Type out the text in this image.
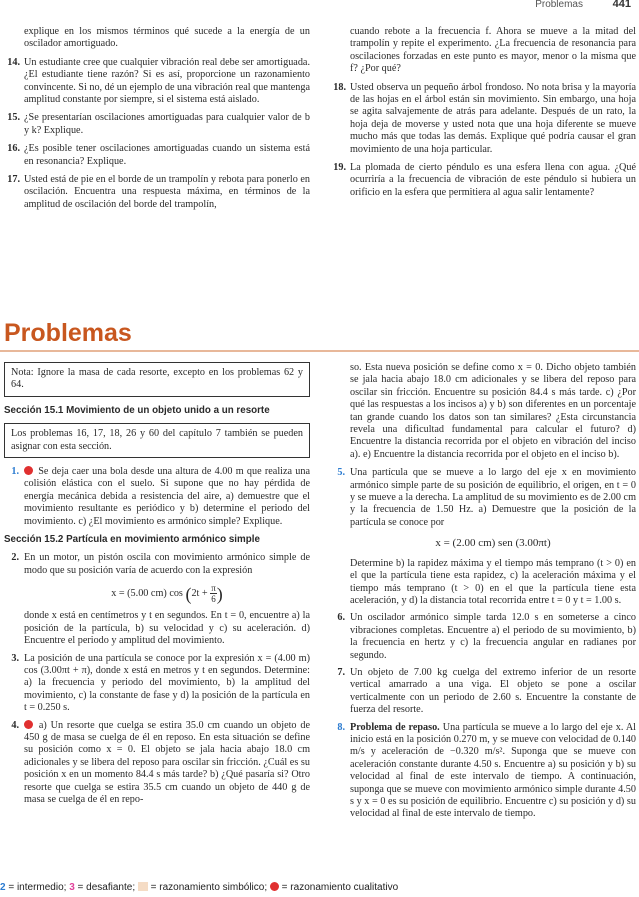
Problemas	441
explique en los mismos términos qué sucede a la energía de un oscilador amortiguado.
14. Un estudiante cree que cualquier vibración real debe ser amortiguada. ¿El estudiante tiene razón? Si es así, proporcione un razonamiento convincente. Si no, dé un ejemplo de una vibración real que mantenga amplitud constante por siempre, si el sistema está aislado.
15. ¿Se presentarían oscilaciones amortiguadas para cualquier valor de b y k? Explique.
16. ¿Es posible tener oscilaciones amortiguadas cuando un sistema está en resonancia? Explique.
17. Usted está de pie en el borde de un trampolín y rebota para ponerlo en oscilación. Encuentra una respuesta máxima, en términos de la amplitud de oscilación del borde del trampolín,
cuando rebote a la frecuencia f. Ahora se mueve a la mitad del trampolín y repite el experimento. ¿La frecuencia de resonancia para oscilaciones forzadas en este punto es mayor, menor o la misma que f? ¿Por qué?
18. Usted observa un pequeño árbol frondoso. No nota brisa y la mayoría de las hojas en el árbol están sin movimiento. Sin embargo, una hoja se agita salvajemente de atrás para adelante. Después de un rato, la hoja deja de moverse y usted nota que una hoja diferente se mueve mucho más que todas las demás. Explique qué podría causar el gran movimiento de una hoja particular.
19. La plomada de cierto péndulo es una esfera llena con agua. ¿Qué ocurriría a la frecuencia de vibración de este péndulo si hubiera un orificio en la esfera que permitiera al agua salir lentamente?
Problemas
Nota: Ignore la masa de cada resorte, excepto en los problemas 62 y 64.
Sección 15.1 Movimiento de un objeto unido a un resorte
Los problemas 16, 17, 18, 26 y 60 del capítulo 7 también se pueden asignar con esta sección.
1. Se deja caer una bola desde una altura de 4.00 m que realiza una colisión elástica con el suelo. Si supone que no hay pérdida de energía mecánica debida a resistencia del aire, a) demuestre que el movimiento resultante es periódico y b) determine el periodo del movimiento. c) ¿El movimiento es armónico simple? Explique.
Sección 15.2 Partícula en movimiento armónico simple
2. En un motor, un pistón oscila con movimiento armónico simple de modo que su posición varía de acuerdo con la expresión
x = (5.00 cm) $\cos (2t + \frac{\pi}{6}$ )
donde x está en centímetros y t en segundos. En t = 0, encuentre a) la posición de la partícula, b) su velocidad y c) su aceleración. d) Encuentre el periodo y amplitud del movimiento.
3. La posición de una partícula se conoce por la expresión x = (4.00 m) cos (3.00πt + π), donde x está en metros y t en segundos. Determine: a) la frecuencia y periodo del movimiento, b) la amplitud del movimiento, c) la constante de fase y d) la posición de la partícula en t = 0.250 s.
4. a) Un resorte que cuelga se estira 35.0 cm cuando un objeto de 450 g de masa se cuelga de él en reposo. En esta situación se define su posición como x = 0. El objeto se jala hacia abajo 18.0 cm adicionales y se libera del reposo para oscilar sin fricción. ¿Cuál es su posición x en un momento 84.4 s más tarde? b) ¿Qué pasaría si? Otro resorte que cuelga se estira 35.5 cm cuando un objeto de 440 g de masa se cuelga de él en repo-
so. Esta nueva posición se define como x = 0. Dicho objeto también se jala hacia abajo 18.0 cm adicionales y se libera del reposo para oscilar sin fricción. Encuentre su posición 84.4 s más tarde. c) ¿Por qué las respuestas a los incisos a) y b) son diferentes en un porcentaje tan grande cuando los datos son tan similares? ¿Esta circunstancia revela una dificultad fundamental para calcular el futuro? d) Encuentre la distancia recorrida por el objeto en vibración del inciso a). e) Encuentre la distancia recorrida por el objeto en el inciso b).
5. Una partícula que se mueve a lo largo del eje x en movimiento armónico simple parte de su posición de equilibrio, el origen, en t = 0 y se mueve a la derecha. La amplitud de su movimiento es de 2.00 cm y la frecuencia de 1.50 Hz. a) Demuestre que la posición de la partícula se conoce por
x = (2.00 cm) sen (3.00πt)
Determine b) la rapidez máxima y el tiempo más temprano (t > 0) en el que la partícula tiene esta rapidez, c) la aceleración máxima y el tiempo más temprano (t > 0) en el que la partícula tiene esta aceleración, y d) la distancia total recorrida entre t = 0 y t = 1.00 s.
6. Un oscilador armónico simple tarda 12.0 s en someterse a cinco vibraciones completas. Encuentre a) el periodo de su movimiento, b) la frecuencia en hertz y c) la frecuencia angular en radianes por segundo.
7. Un objeto de 7.00 kg cuelga del extremo inferior de un resorte vertical amarrado a una viga. El objeto se pone a oscilar verticalmente con un periodo de 2.60 s. Encuentre la constante de fuerza del resorte.
8. Problema de repaso. Una partícula se mueve a lo largo del eje x. Al inicio está en la posición 0.270 m, y se mueve con velocidad de 0.140 m/s y aceleración de −0.320 m/s². Suponga que se mueve con aceleración constante durante 4.50 s. Encuentre a) su posición y b) su velocidad al final de este intervalo de tiempo. A continuación, suponga que se mueve con movimiento armónico simple durante 4.50 s y x = 0 es su posición de equilibrio. Encuentre c) su posición y d) su velocidad al final de este intervalo de tiempo.
2 = intermedio; 3 = desafiante;  = razonamiento simbólico;  = razonamiento cualitativo
